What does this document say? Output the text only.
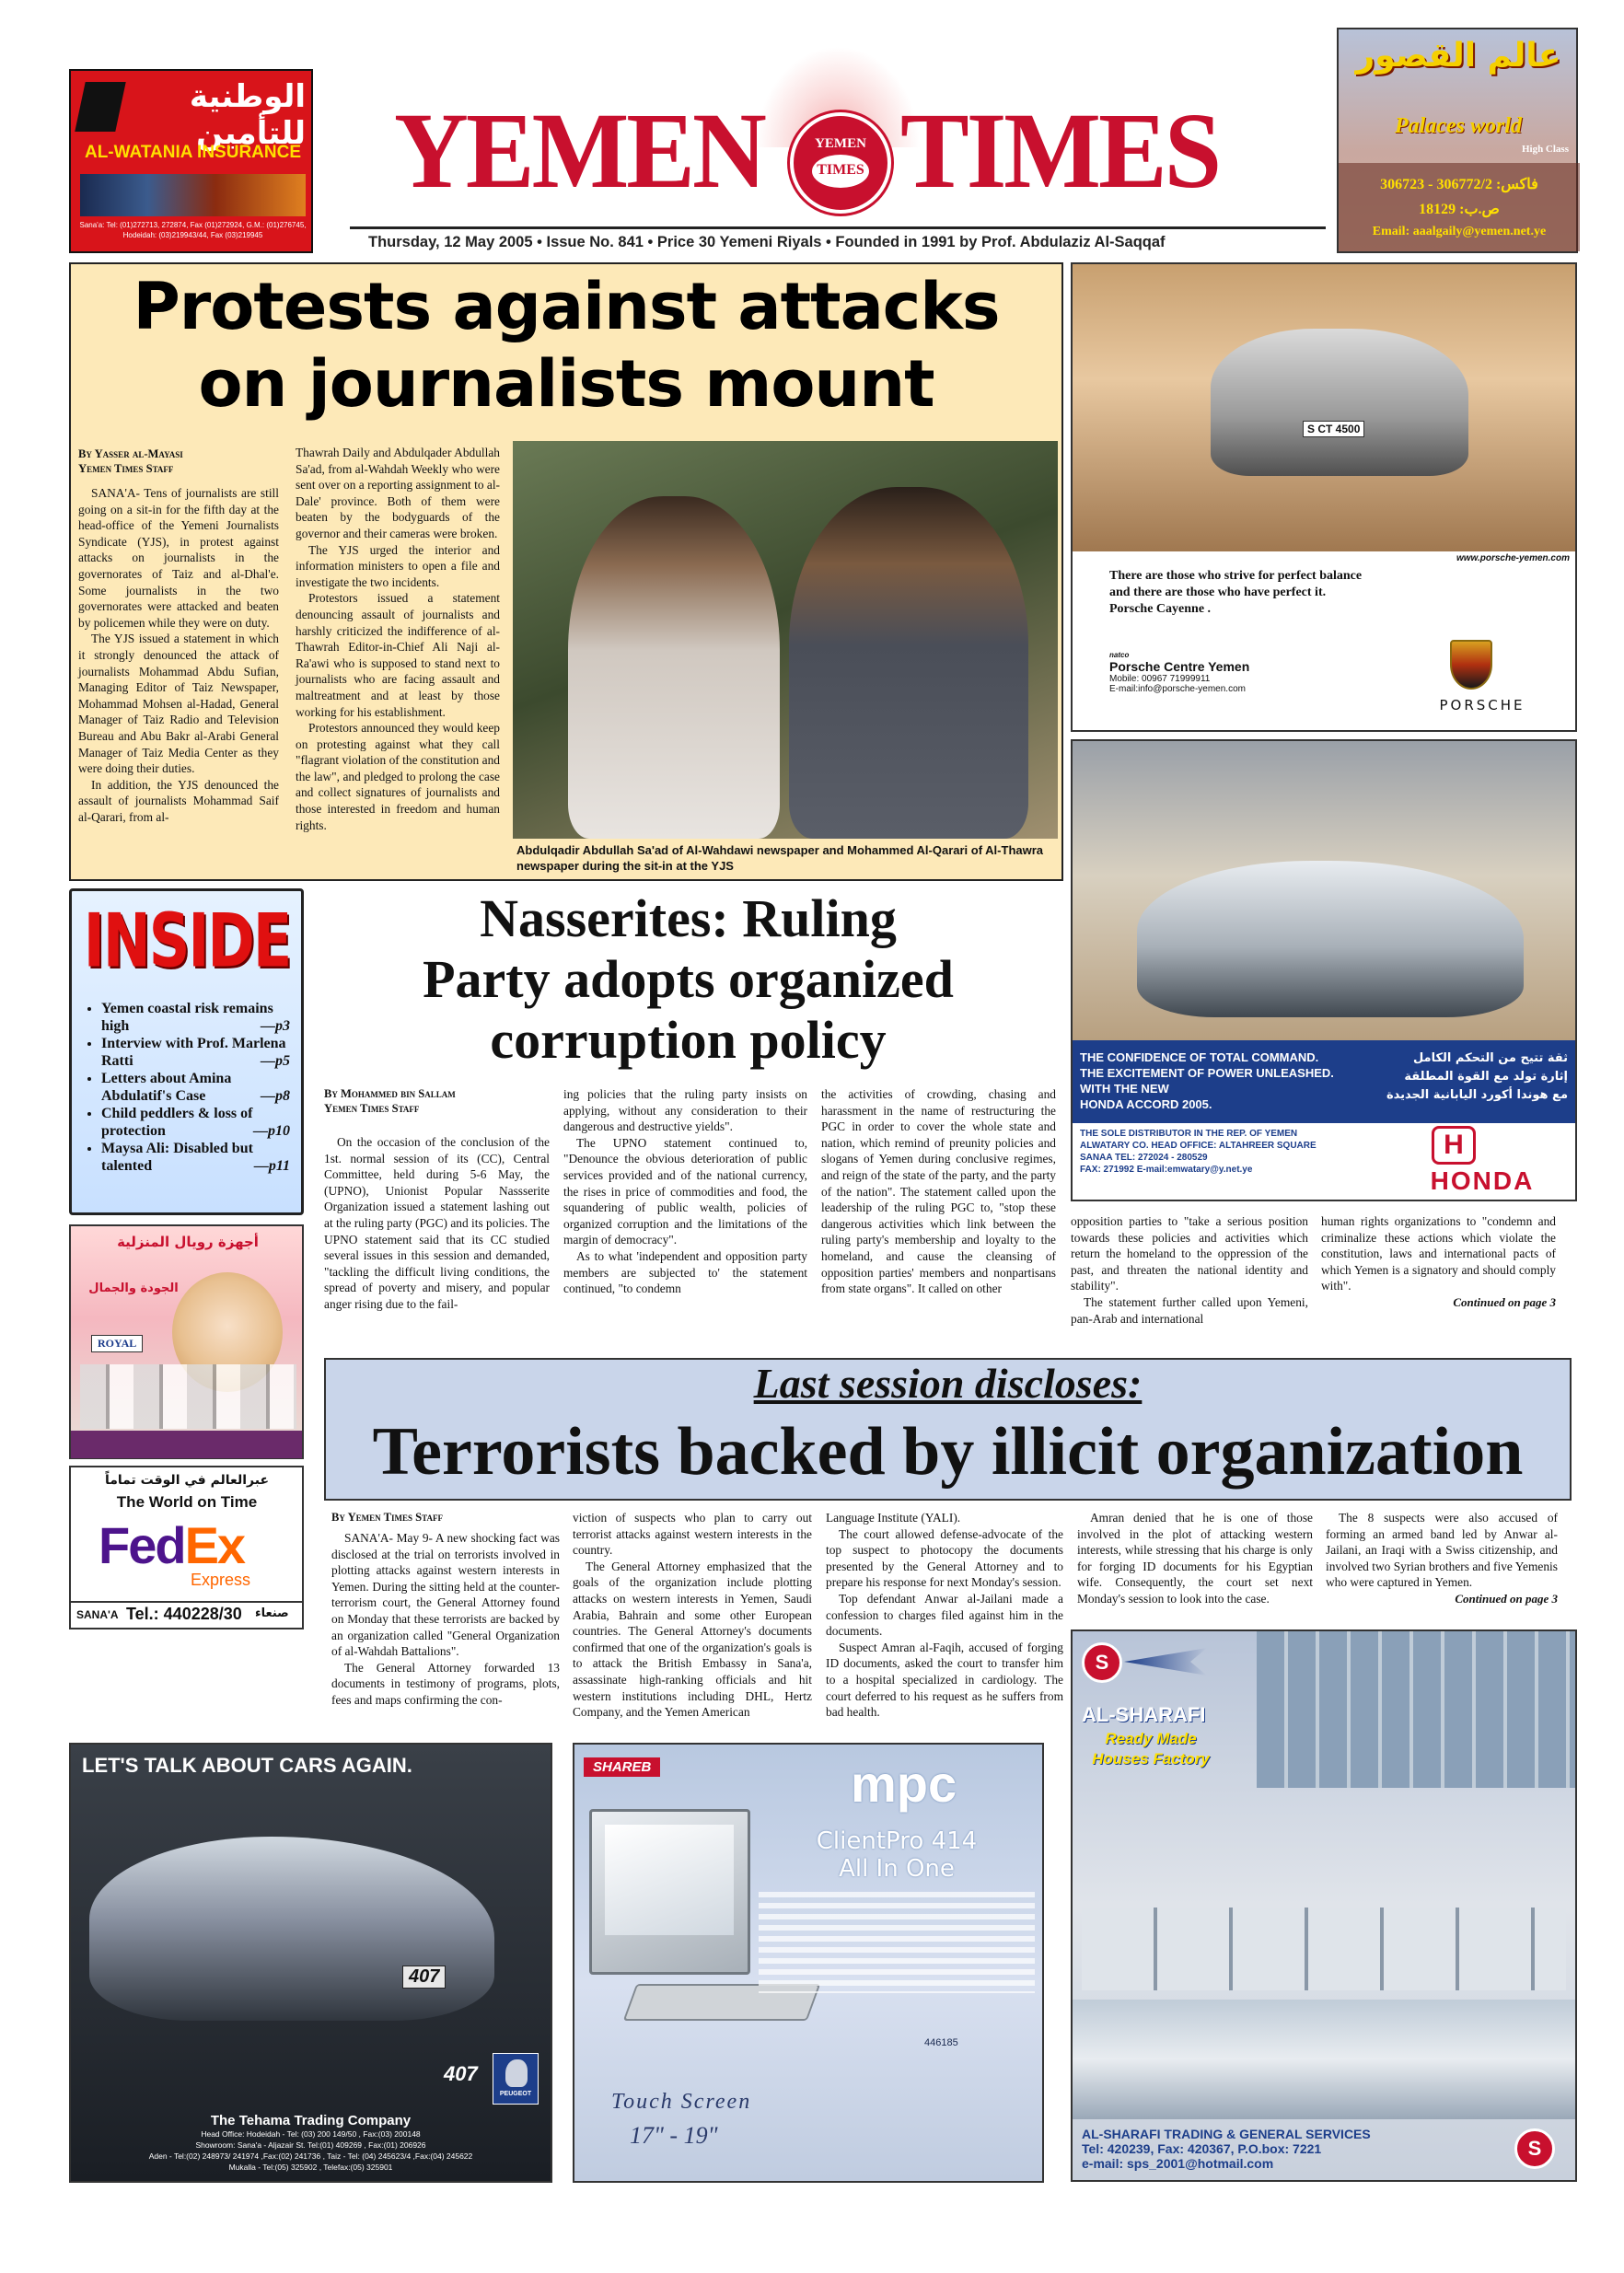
الوطنية للتأمين
AL-WATANIA INSURANCE
Sana'a: Tel: (01)272713, 272874, Fax (01)272924, G.M.: (01)276745,
Hodeidah: (03)219943/44, Fax (03)219945
YEMEN	YEMEN
TIMES TIMES
Thursday, 12 May 2005 • Issue No. 841 • Price 30 Yemeni Riyals • Founded in 1991 by Prof. Abdulaziz Al-Saqqaf
عالم القصور
Palaces world
High Class
306723 - 306772/2 :فاكس
18129 :ص.ب
Email: aaalgaily@yemen.net.ye
Protests against attacks
on journalists mount
By Yasser al-Mayasi
Yemen Times Staff

SANA'A- Tens of journalists are still going on a sit-in for the fifth day at the head-office of the Yemeni Journalists Syndicate (YJS), in protest against attacks on journalists in the governorates of Taiz and al-Dhal'e. Some journalists in the two governorates were attacked and beaten by policemen while they were on duty.

The YJS issued a statement in which it strongly denounced the attack of journalists Mohammad Abdu Sufian, Managing Editor of Taiz Newspaper, Mohammad Mohsen al-Hadad, General Manager of Taiz Radio and Television Bureau and Abu Bakr al-Arabi General Manager of Taiz Media Center as they were doing their duties.

In addition, the YJS denounced the assault of journalists Mohammad Saif al-Qarari, from al-

Thawrah Daily and Abdulqader Abdullah Sa'ad, from al-Wahdah Weekly who were sent over on a reporting assignment to al-Dale' province. Both of them were beaten by the bodyguards of the governor and their cameras were broken.

The YJS urged the interior and information ministers to open a file and investigate the two incidents.

Protestors issued a statement denouncing assault of journalists and harshly criticized the indifference of al-Thawrah Editor-in-Chief Ali Naji al-Ra'awi who is supposed to stand next to journalists who are facing assault and maltreatment and at least by those working for his establishment.

Protestors announced they would keep on protesting against what they call "flagrant violation of the constitution and the law", and pledged to prolong the case and collect signatures of journalists and those interested in freedom and human rights.

Abdulqadir Abdullah Sa'ad of Al-Wahdawi newspaper and Mohammed Al-Qarari of Al-Thawra newspaper during the sit-in at the YJS
S CT 4500
www.porsche-yemen.com
There are those who strive for perfect balance
and there are those who have perfect it.
Porsche Cayenne .
natco
Porsche Centre Yemen
Mobile: 00967 71999911
E-mail:info@porsche-yemen.com
PORSCHE
THE CONFIDENCE OF TOTAL COMMAND.
THE EXCITEMENT OF POWER UNLEASHED.
WITH THE NEW
HONDA ACCORD 2005.
ثقة تتيح من التحكم الكامل
إثارة تولد مع القوة المطلقة
مع هوندا أكورد اليابانية الجديدة
THE SOLE DISTRIBUTOR IN THE REP. OF YEMEN
ALWATARY CO. HEAD OFFICE: ALTAHREER SQUARE
SANAA TEL: 272024 - 280529
FAX: 271992 E-mail:emwatary@y.net.ye
H
HONDA
INSIDE
• Yemen coastal risk remains high	—p3
• Interview with Prof. Marlena Ratti	—p5
• Letters about Amina Abdulatif's Case	—p8
• Child peddlers & loss of protection	—p10
• Maysa Ali: Disabled but talented	—p11
Nasserites: Ruling
Party adopts organized
corruption policy
By Mohammed bin Sallam
Yemen Times Staff

On the occasion of the conclusion of the 1st. normal session of its (CC), Central Committee, held during 5-6 May, the (UPNO), Unionist Popular Nassserite Organization issued a statement lashing out at the ruling party (PGC) and its policies. The UPNO statement said that its CC studied several issues in this session and demanded, "tackling the difficult living conditions, the spread of poverty and misery, and popular anger rising due to the fail-

ing policies that the ruling party insists on applying, without any consideration to their dangerous and destructive yields".

The UPNO statement continued to, "Denounce the obvious deterioration of public services provided and of the national currency, the rises in price of commodities and food, the squandering of public wealth, policies of organized corruption and the limitations of the margin of democracy".

As to what 'independent and opposition party members are subjected to' the statement continued, "to condemn

the activities of crowding, chasing and harassment in the name of restructuring the PGC in order to cover the whole state and nation, which remind of preunity policies and slogans of Yemen during conclusive regimes, and reign of the state of the party, and the party of the nation". The statement called upon the leadership of the ruling PGC to, "stop these dangerous activities which link between the ruling party's membership and loyalty to the homeland, and cause the cleansing of opposition parties' members and nonpartisans from state organs". It called on other

opposition parties to "take a serious position towards these policies and activities which return the homeland to the oppression of the past, and threaten the national identity and stability".

The statement further called upon Yemeni, pan-Arab and international

human rights organizations to "condemn and criminalize these actions which violate the constitution, laws and international pacts of which Yemen is a signatory and should comply with".

Continued on page 3
أجهزة رويال المنزلية
الجودة والجمال
ROYAL
عبرالعالم في الوقت تماماً
The World on Time
FedEx
Express
SANA'A Tel.: 440228/30 صنعاء
Last session discloses:
Terrorists backed by illicit organization
By Yemen Times Staff

SANA'A- May 9- A new shocking fact was disclosed at the trial on terrorists involved in plotting attacks against western interests in Yemen. During the sitting held at the counter-terrorism court, the General Attorney found on Monday that these terrorists are backed by an organization called "General Organization of al-Wahdah Battalions".

The General Attorney forwarded 13 documents in testimony of programs, plots, fees and maps confirming the con-

viction of suspects who plan to carry out terrorist attacks against western interests in the country.

The General Attorney emphasized that the goals of the organization include plotting attacks on western interests in Yemen, Saudi Arabia, Bahrain and some other European countries. The General Attorney's documents confirmed that one of the organization's goals is to attack the British Embassy in Sana'a, assassinate high-ranking officials and hit western institutions including DHL, Hertz Company, and the Yemen American

Language Institute (YALI).

The court allowed defense-advocate of the top suspect to photocopy the documents presented by the General Attorney and to prepare his response for next Monday's session.

Top defendant Anwar al-Jailani made a confession to charges filed against him in the documents.

Suspect Amran al-Faqih, accused of forging ID documents, asked the court to transfer him to a hospital specialized in cardiology. The court deferred to his request as he suffers from bad health.

Amran denied that he is one of those involved in the plot of attacking western interests, while stressing that his charge is only for forging ID documents for his Egyptian wife. Consequently, the court set next Monday's session to look into the case.

The 8 suspects were also accused of forming an armed band led by Anwar al-Jailani, an Iraqi with a Swiss citizenship, and involved two Syrian brothers and five Yemenis who were captured in Yemen.

Continued on page 3
LET'S TALK ABOUT CARS AGAIN.
407
407
PEUGEOT
The Tehama Trading Company
Head Office: Hodeidah - Tel: (03) 200 149/50 , Fax:(03) 200148
Showroom: Sana'a - Aljazair St. Tel:(01) 409269 , Fax:(01) 206926
Aden - Tel:(02) 248973/ 241974 ,Fax:(02) 241736 , Taiz - Tel: (04) 245623/4 ,Fax:(04) 245622
Mukalla - Tel:(05) 325902 , Telefax:(05) 325901
SHAREB	mpc
ClientPro 414
All In One
446185
Touch Screen
17" - 19"
S
AL-SHARAFI
Ready Made
Houses Factory
AL-SHARAFI TRADING & GENERAL SERVICES
Tel: 420239, Fax: 420367, P.O.box: 7221
e-mail: sps_2001@hotmail.com
S
